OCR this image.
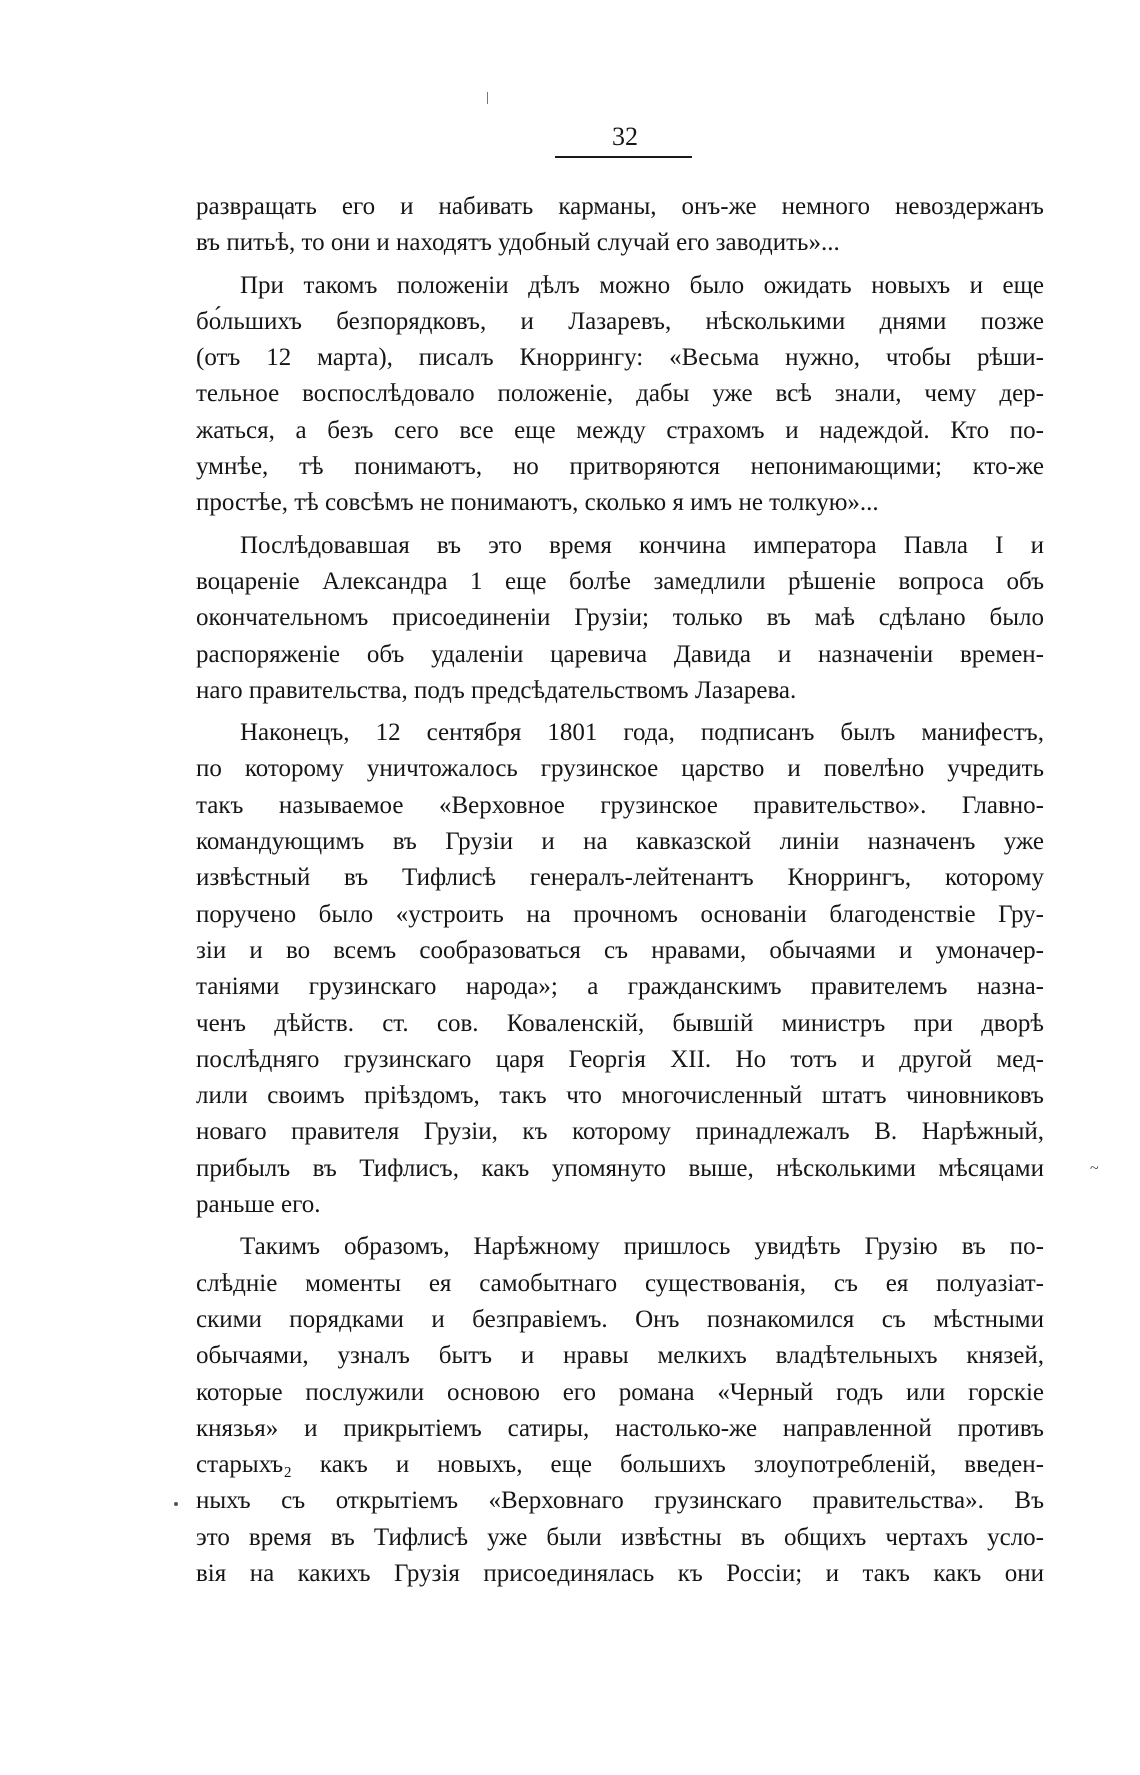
32
развращать его и набивать карманы, онъ-же немного невоздержанъ
въ питьѣ, то они и находятъ удобный случай его заводить»...
При такомъ положеніи дѣлъ можно было ожидать новыхъ и еще
бо́льшихъ безпорядковъ, и Лазаревъ, нѣсколькими днями позже
(отъ 12 марта), писалъ Кноррингу: «Весьма нужно, чтобы рѣши-
тельное воспослѣдовало положеніе, дабы уже всѣ знали, чему дер-
жаться, а безъ сего все еще между страхомъ и надеждой. Кто по-
умнѣе, тѣ понимаютъ, но притворяются непонимающими; кто-же
простѣе, тѣ совсѣмъ не понимаютъ, сколько я имъ не толкую»...
Послѣдовавшая въ это время кончина императора Павла I и
воцареніе Александра 1 еще болѣе замедлили рѣшеніе вопроса объ
окончательномъ присоединеніи Грузіи; только въ маѣ сдѣлано было
распоряженіе объ удаленіи царевича Давида и назначеніи времен-
наго правительства, подъ предсѣдательствомъ Лазарева.
Наконецъ, 12 сентября 1801 года, подписанъ былъ манифестъ,
по которому уничтожалось грузинское царство и повелѣно учредить
такъ называемое «Верховное грузинское правительство». Главно-
командующимъ въ Грузіи и на кавказской линіи назначенъ уже
извѣстный въ Тифлисѣ генералъ-лейтенантъ Кноррингъ, которому
поручено было «устроить на прочномъ основаніи благоденствіе Гру-
зіи и во всемъ сообразоваться съ нравами, обычаями и умоначер-
таніями грузинскаго народа»; а гражданскимъ правителемъ назна-
ченъ дѣйств. ст. сов. Коваленскій, бывшій министръ при дворѣ
послѣдняго грузинскаго царя Георгія XII. Но тотъ и другой мед-
лили своимъ пріѣздомъ, такъ что многочисленный штатъ чиновниковъ
новаго правителя Грузіи, къ которому принадлежалъ В. Нарѣжный,
прибылъ въ Тифлисъ, какъ упомянуто выше, нѣсколькими мѣсяцами
раньше его.
Такимъ образомъ, Нарѣжному пришлось увидѣть Грузію въ по-
слѣдніе моменты ея самобытнаго существованія, съ ея полуазіат-
скими порядками и безправіемъ. Онъ познакомился съ мѣстными
обычаями, узналъ бытъ и нравы мелкихъ владѣтельныхъ князей,
которые послужили основою его романа «Черный годъ или горскіе
князья» и прикрытіемъ сатиры, настолько-же направленной противъ
старыхъ₂ какъ и новыхъ, еще большихъ злоупотребленій, введен-
ныхъ съ открытіемъ «Верховнаго грузинскаго правительства». Въ
это время въ Тифлисѣ уже были извѣстны въ общихъ чертахъ усло-
вія на какихъ Грузія присоединялась къ Россіи; и такъ какъ они
~
